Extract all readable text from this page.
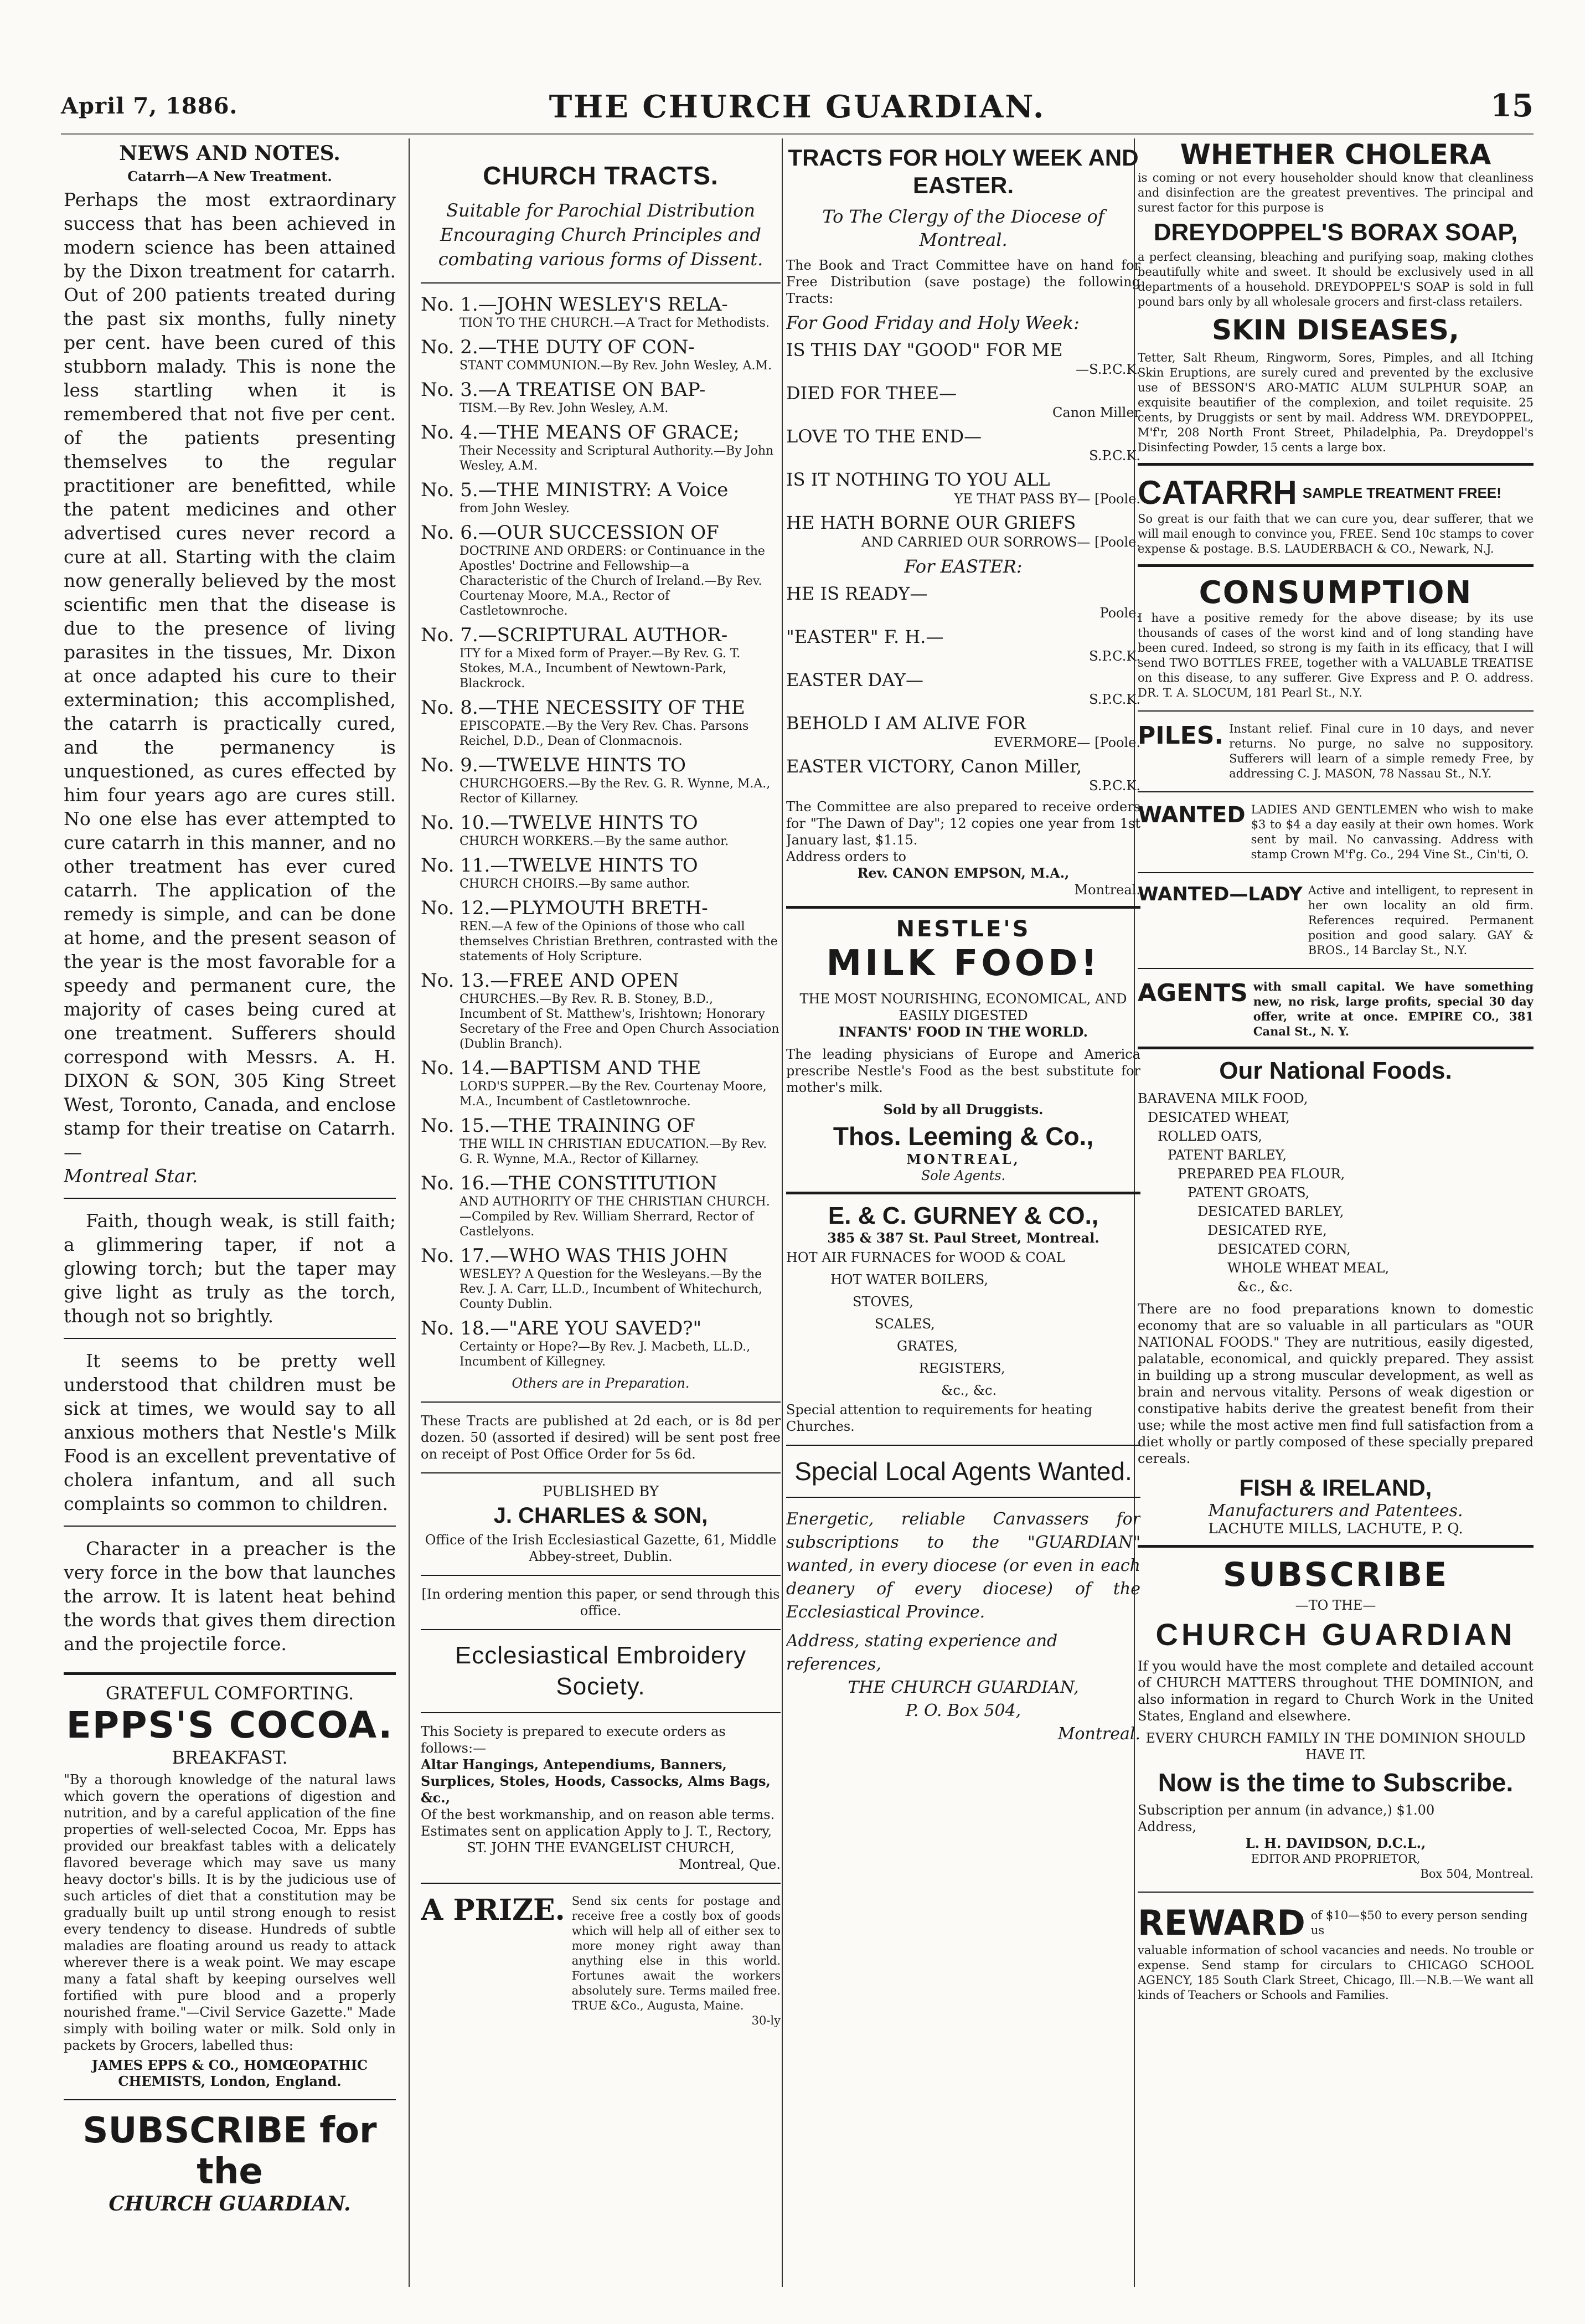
April 7, 1886.	THE CHURCH GUARDIAN.	15

NEWS AND NOTES.

Catarrh—A New Treatment.

Perhaps the most extraordinary success that has been achieved in modern science has been attained by the Dixon treatment for catarrh. Out of 200 patients treated during the past six months, fully ninety per cent. have been cured of this stubborn malady. This is none the less startling when it is remembered that not five per cent. of the patients presenting themselves to the regular practitioner are benefitted, while the patent medicines and other advertised cures never record a cure at all. Starting with the claim now generally believed by the most scientific men that the disease is due to the presence of living parasites in the tissues, Mr. Dixon at once adapted his cure to their extermination; this accomplished, the catarrh is practically cured, and the permanency is unquestioned, as cures effected by him four years ago are cures still. No one else has ever attempted to cure catarrh in this manner, and no other treatment has ever cured catarrh. The application of the remedy is simple, and can be done at home, and the present season of the year is the most favorable for a speedy and permanent cure, the majority of cases being cured at one treatment. Sufferers should correspond with Messrs. A. H. DIXON & SON, 305 King Street West, Toronto, Canada, and enclose stamp for their treatise on Catarrh.—

Montreal Star.

Faith, though weak, is still faith; a glimmering taper, if not a glowing torch; but the taper may give light as truly as the torch, though not so brightly.

It seems to be pretty well understood that children must be sick at times, we would say to all anxious mothers that Nestle's Milk Food is an excellent preventative of cholera infantum, and all such complaints so common to children.

Character in a preacher is the very force in the bow that launches the arrow. It is latent heat behind the words that gives them direction and the projectile force.

GRATEFUL COMFORTING.

EPPS'S COCOA.

BREAKFAST.

"By a thorough knowledge of the natural laws which govern the operations of digestion and nutrition, and by a careful application of the fine properties of well-selected Cocoa, Mr. Epps has provided our breakfast tables with a delicately flavored beverage which may save us many heavy doctor's bills. It is by the judicious use of such articles of diet that a constitution may be gradually built up until strong enough to resist every tendency to disease. Hundreds of subtle maladies are floating around us ready to attack wherever there is a weak point. We may escape many a fatal shaft by keeping ourselves well fortified with pure blood and a properly nourished frame."—Civil Service Gazette." Made simply with boiling water or milk. Sold only in packets by Grocers, labelled thus:

JAMES EPPS & CO., HOMŒOPATHIC CHEMISTS, London, England.

SUBSCRIBE for the

CHURCH GUARDIAN.

CHURCH TRACTS.

Suitable for Parochial Distribution Encouraging Church Principles and combating various forms of Dissent.

No. 1.—JOHN WESLEY'S RELA-

TION TO THE CHURCH.—A Tract for Methodists.

No. 2.—THE DUTY OF CON-

STANT COMMUNION.—By Rev. John Wesley, A.M.

No. 3.—A TREATISE ON BAP-

TISM.—By Rev. John Wesley, A.M.

No. 4.—THE MEANS OF GRACE;

Their Necessity and Scriptural Authority.—By John Wesley, A.M.

No. 5.—THE MINISTRY: A Voice

from John Wesley.

No. 6.—OUR SUCCESSION OF

DOCTRINE AND ORDERS: or Continuance in the Apostles' Doctrine and Fellowship—a Characteristic of the Church of Ireland.—By Rev. Courtenay Moore, M.A., Rector of Castletownroche.

No. 7.—SCRIPTURAL AUTHOR-

ITY for a Mixed form of Prayer.—By Rev. G. T. Stokes, M.A., Incumbent of Newtown-Park, Blackrock.

No. 8.—THE NECESSITY OF THE

EPISCOPATE.—By the Very Rev. Chas. Parsons Reichel, D.D., Dean of Clonmacnois.

No. 9.—TWELVE HINTS TO

CHURCHGOERS.—By the Rev. G. R. Wynne, M.A., Rector of Killarney.

No. 10.—TWELVE HINTS TO

CHURCH WORKERS.—By the same author.

No. 11.—TWELVE HINTS TO

CHURCH CHOIRS.—By same author.

No. 12.—PLYMOUTH BRETH-

REN.—A few of the Opinions of those who call themselves Christian Brethren, contrasted with the statements of Holy Scripture.

No. 13.—FREE AND OPEN

CHURCHES.—By Rev. R. B. Stoney, B.D., Incumbent of St. Matthew's, Irishtown; Honorary Secretary of the Free and Open Church Association (Dublin Branch).

No. 14.—BAPTISM AND THE

LORD'S SUPPER.—By the Rev. Courtenay Moore, M.A., Incumbent of Castletownroche.

No. 15.—THE TRAINING OF

THE WILL IN CHRISTIAN EDUCATION.—By Rev. G. R. Wynne, M.A., Rector of Killarney.

No. 16.—THE CONSTITUTION

AND AUTHORITY OF THE CHRISTIAN CHURCH.—Compiled by Rev. William Sherrard, Rector of Castlelyons.

No. 17.—WHO WAS THIS JOHN

WESLEY? A Question for the Wesleyans.—By the Rev. J. A. Carr, LL.D., Incumbent of Whitechurch, County Dublin.

No. 18.—"ARE YOU SAVED?"

Certainty or Hope?—By Rev. J. Macbeth, LL.D., Incumbent of Killegney.

Others are in Preparation.

These Tracts are published at 2d each, or is 8d per dozen. 50 (assorted if desired) will be sent post free on receipt of Post Office Order for 5s 6d.

PUBLISHED BY

J. CHARLES & SON,

Office of the Irish Ecclesiastical Gazette, 61, Middle Abbey-street, Dublin.

[In ordering mention this paper, or send through this office.

Ecclesiastical Embroidery Society.

This Society is prepared to execute orders as follows:—

Altar Hangings, Antependiums, Banners, Surplices, Stoles, Hoods, Cassocks, Alms Bags, &c.,

Of the best workmanship, and on reason able terms. Estimates sent on application Apply to J. T., Rectory,

ST. JOHN THE EVANGELIST CHURCH,

Montreal, Que.

A PRIZE. Send six cents for postage and receive free a costly box of goods which will help all of either sex to more money right away than anything else in this world. Fortunes await the workers absolutely sure. Terms mailed free. TRUE &Co., Augusta, Maine.

30-ly

TRACTS FOR HOLY WEEK AND EASTER.

To The Clergy of the Diocese of Montreal.

The Book and Tract Committee have on hand for Free Distribution (save postage) the following Tracts:

For Good Friday and Holy Week:

IS THIS DAY "GOOD" FOR ME

—S.P.C.K.

DIED FOR THEE—

Canon Miller

LOVE TO THE END—

S.P.C.K.

IS IT NOTHING TO YOU ALL

YE THAT PASS BY— [Poole.

HE HATH BORNE OUR GRIEFS

AND CARRIED OUR SORROWS— [Poole.

For EASTER:

HE IS READY—

Poole.

"EASTER" F. H.—

S.P.C.K.

EASTER DAY—

S.P.C.K.

BEHOLD I AM ALIVE FOR

EVERMORE— [Poole.

EASTER VICTORY, Canon Miller,

S.P.C.K.

The Committee are also prepared to receive orders for "The Dawn of Day"; 12 copies one year from 1st January last, $1.15.

Address orders to

Rev. CANON EMPSON, M.A.,

Montreal.

NESTLE'S

MILK FOOD!

THE MOST NOURISHING, ECONOMICAL, AND EASILY DIGESTED

INFANTS' FOOD IN THE WORLD.

The leading physicians of Europe and America prescribe Nestle's Food as the best substitute for mother's milk.

Sold by all Druggists.

Thos. Leeming & Co.,

MONTREAL,

Sole Agents.

E. & C. GURNEY & CO.,

385 & 387 St. Paul Street, Montreal.

HOT AIR FURNACES for WOOD & COAL

HOT WATER BOILERS,

STOVES,

SCALES,

GRATES,

REGISTERS,

&c., &c.

Special attention to requirements for heating Churches.

Special Local Agents Wanted.

Energetic, reliable Canvassers for subscriptions to the "GUARDIAN" wanted, in every diocese (or even in each deanery of every diocese) of the Ecclesiastical Province.

Address, stating experience and references,

THE CHURCH GUARDIAN,

P. O. Box 504,

Montreal.

WHETHER CHOLERA

is coming or not every householder should know that cleanliness and disinfection are the greatest preventives. The principal and surest factor for this purpose is

DREYDOPPEL'S BORAX SOAP,

a perfect cleansing, bleaching and purifying soap, making clothes beautifully white and sweet. It should be exclusively used in all departments of a household. DREYDOPPEL'S SOAP is sold in full pound bars only by all wholesale grocers and first-class retailers.

SKIN DISEASES,

Tetter, Salt Rheum, Ringworm, Sores, Pimples, and all Itching Skin Eruptions, are surely cured and prevented by the exclusive use of BESSON'S ARO-MATIC ALUM SULPHUR SOAP, an exquisite beautifier of the complexion, and toilet requisite. 25 cents, by Druggists or sent by mail. Address WM. DREYDOPPEL, M'f'r, 208 North Front Street, Philadelphia, Pa. Dreydoppel's Disinfecting Powder, 15 cents a large box.

CATARRH SAMPLE TREATMENT FREE!

So great is our faith that we can cure you, dear sufferer, that we will mail enough to convince you, FREE. Send 10c stamps to cover expense & postage. B.S. LAUDERBACH & CO., Newark, N.J.

CONSUMPTION

I have a positive remedy for the above disease; by its use thousands of cases of the worst kind and of long standing have been cured. Indeed, so strong is my faith in its efficacy, that I will send TWO BOTTLES FREE, together with a VALUABLE TREATISE on this disease, to any sufferer. Give Express and P. O. address. DR. T. A. SLOCUM, 181 Pearl St., N.Y.

PILES. Instant relief. Final cure in 10 days, and never returns. No purge, no salve no suppository. Sufferers will learn of a simple remedy Free, by addressing C. J. MASON, 78 Nassau St., N.Y.

WANTED LADIES AND GENTLEMEN who wish to make $3 to $4 a day easily at their own homes. Work sent by mail. No canvassing. Address with stamp Crown M'f'g. Co., 294 Vine St., Cin'ti, O.

WANTED—LADY Active and intelligent, to represent in her own locality an old firm. References required. Permanent position and good salary. GAY & BROS., 14 Barclay St., N.Y.

AGENTS with small capital. We have something new, no risk, large profits, special 30 day offer, write at once. EMPIRE CO., 381 Canal St., N. Y.

Our National Foods.

BARAVENA MILK FOOD,

DESICATED WHEAT,

ROLLED OATS,

PATENT BARLEY,

PREPARED PEA FLOUR,

PATENT GROATS,

DESICATED BARLEY,

DESICATED RYE,

DESICATED CORN,

WHOLE WHEAT MEAL,

&c., &c.

There are no food preparations known to domestic economy that are so valuable in all particulars as "OUR NATIONAL FOODS." They are nutritious, easily digested, palatable, economical, and quickly prepared. They assist in building up a strong muscular development, as well as brain and nervous vitality. Persons of weak digestion or constipative habits derive the greatest benefit from their use; while the most active men find full satisfaction from a diet wholly or partly composed of these specially prepared cereals.

FISH & IRELAND,

Manufacturers and Patentees.

LACHUTE MILLS, LACHUTE, P. Q.

SUBSCRIBE

—TO THE—

CHURCH GUARDIAN

If you would have the most complete and detailed account of CHURCH MATTERS throughout THE DOMINION, and also information in regard to Church Work in the United States, England and elsewhere.

EVERY CHURCH FAMILY IN THE DOMINION SHOULD HAVE IT.

Now is the time to Subscribe.

Subscription per annum (in advance,) $1.00

Address,

L. H. DAVIDSON, D.C.L.,

EDITOR AND PROPRIETOR,

Box 504, Montreal.

REWARD of $10—$50 to every person sending us

valuable information of school vacancies and needs. No trouble or expense. Send stamp for circulars to CHICAGO SCHOOL AGENCY, 185 South Clark Street, Chicago, Ill.—N.B.—We want all kinds of Teachers or Schools and Families.
